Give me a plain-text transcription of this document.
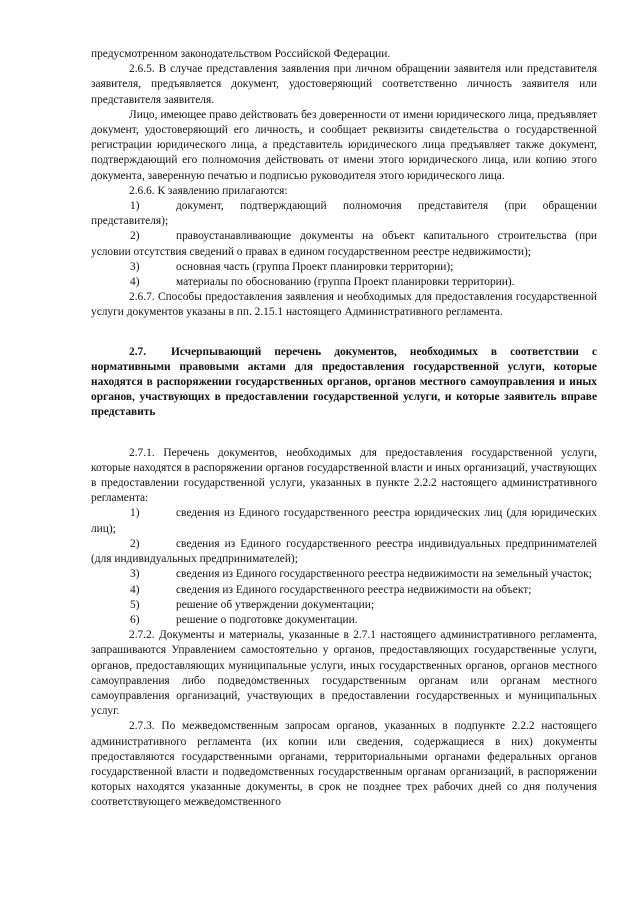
предусмотренном законодательством Российской Федерации.

2.6.5. В случае представления заявления при личном обращении заявителя или представителя заявителя, предъявляется документ, удостоверяющий соответственно личность заявителя или представителя заявителя.

Лицо, имеющее право действовать без доверенности от имени юридического лица, предъявляет документ, удостоверяющий его личность, и сообщает реквизиты свидетельства о государственной регистрации юридического лица, а представитель юридического лица предъявляет также документ, подтверждающий его полномочия действовать от имени этого юридического лица, или копию этого документа, заверенную печатью и подписью руководителя этого юридического лица.

2.6.6. К заявлению прилагаются:

1)	документ, подтверждающий полномочия представителя (при обращении представителя);

2)	правоустанавливающие документы на объект капитального строительства (при условии отсутствия сведений о правах в едином государственном реестре недвижимости);

3)	основная часть (группа Проект планировки территории);

4)	материалы по обоснованию (группа Проект планировки территории).

2.6.7. Способы предоставления заявления и необходимых для предоставления государственной услуги документов указаны в пп. 2.15.1 настоящего Административного регламента.

2.7. Исчерпывающий перечень документов, необходимых в соответствии с нормативными правовыми актами для предоставления государственной услуги, которые находятся в распоряжении государственных органов, органов местного самоуправления и иных органов, участвующих в предоставлении государственной услуги, и которые заявитель вправе представить

2.7.1. Перечень документов, необходимых для предоставления государственной услуги, которые находятся в распоряжении органов государственной власти и иных организаций, участвующих в предоставлении государственной услуги, указанных в пункте 2.2.2 настоящего административного регламента:

1)	сведения из Единого государственного реестра юридических лиц (для юридических лиц);

2)	сведения из Единого государственного реестра индивидуальных предпринимателей (для индивидуальных предпринимателей);

3)	сведения из Единого государственного реестра недвижимости на земельный участок;

4)	сведения из Единого государственного реестра недвижимости на объект;

5)	решение об утверждении документации;

6)	решение о подготовке документации.

2.7.2. Документы и материалы, указанные в 2.7.1 настоящего административного регламента, запрашиваются Управлением самостоятельно у органов, предоставляющих государственные услуги, органов, предоставляющих муниципальные услуги, иных государственных органов, органов местного самоуправления либо подведомственных государственным органам или органам местного самоуправления организаций, участвующих в предоставлении государственных и муниципальных услуг.

2.7.3. По межведомственным запросам органов, указанных в подпункте 2.2.2 настоящего административного регламента (их копии или сведения, содержащиеся в них) документы предоставляются государственными органами, территориальными органами федеральных органов государственной власти и подведомственных государственным органам организаций, в распоряжении которых находятся указанные документы, в срок не позднее трех рабочих дней со дня получения соответствующего межведомственного
